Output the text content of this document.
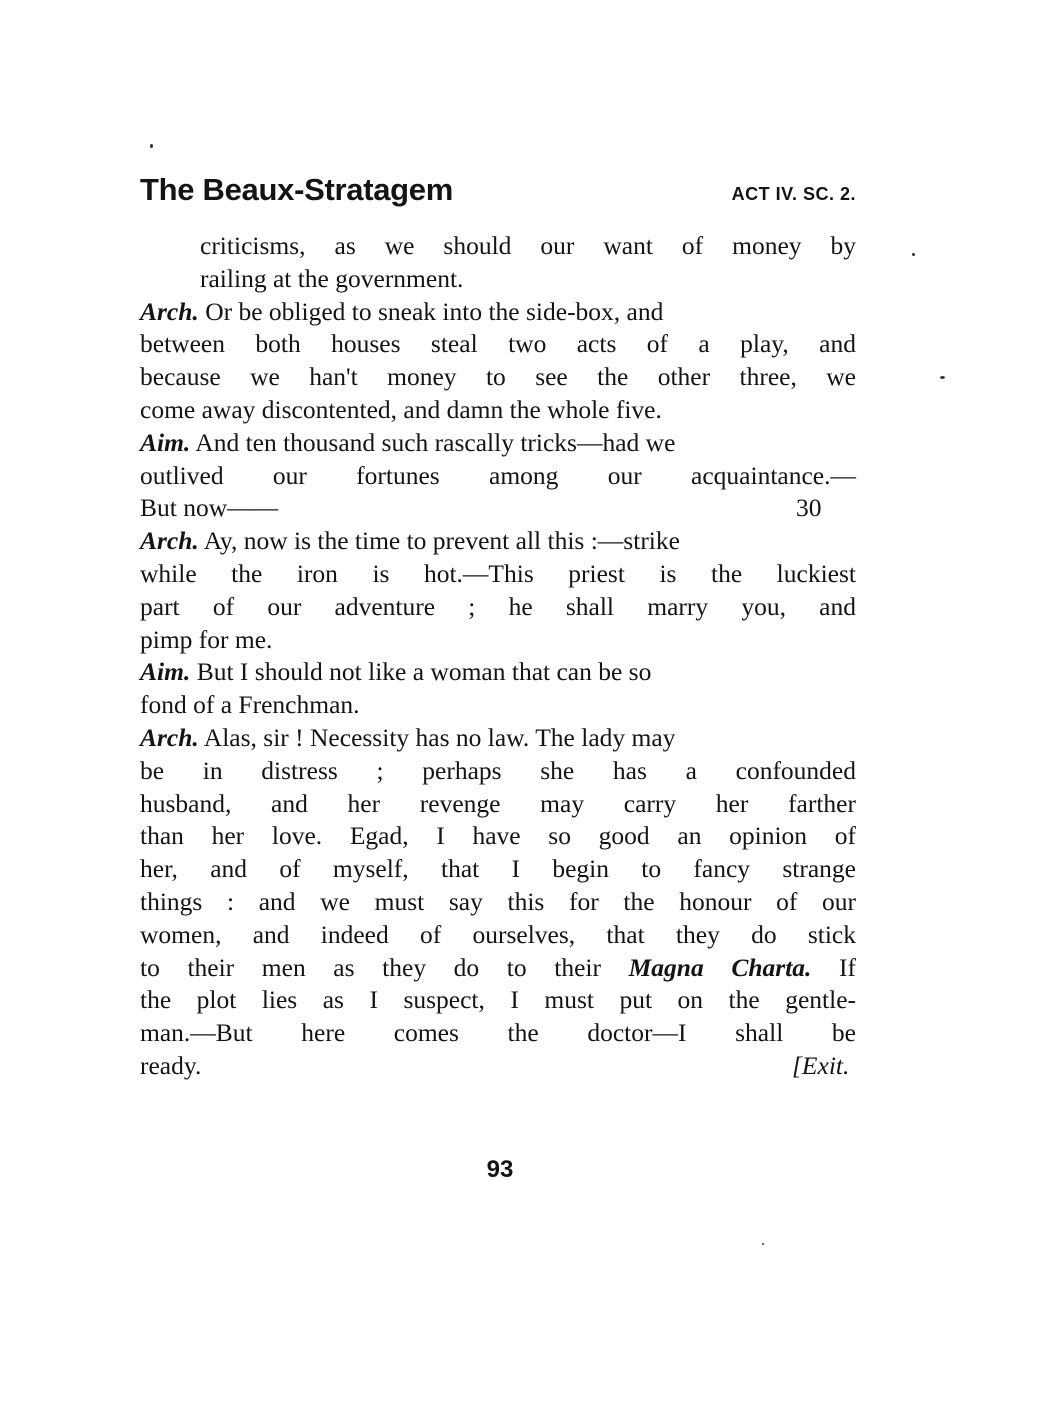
The Beaux-Stratagem	ACT IV. SC. 2.

criticisms, as we should our want of money by
railing at the government.

Arch. Or be obliged to sneak into the side-box, and

between both houses steal two acts of a play, and
because we han't money to see the other three, we
come away discontented, and damn the whole five.

Aim. And ten thousand such rascally tricks—had we

outlived our fortunes among our acquaintance.—
But now——	30

Arch. Ay, now is the time to prevent all this :—strike

while the iron is hot.—This priest is the luckiest
part of our adventure ; he shall marry you, and
pimp for me.

Aim. But I should not like a woman that can be so

fond of a Frenchman.

Arch. Alas, sir ! Necessity has no law. The lady may

be in distress ; perhaps she has a confounded
husband, and her revenge may carry her farther
than her love. Egad, I have so good an opinion of
her, and of myself, that I begin to fancy strange
things : and we must say this for the honour of our
women, and indeed of ourselves, that they do stick
to their men as they do to their Magna Charta. If
the plot lies as I suspect, I must put on the gentle-
man.—But here comes the doctor—I shall be
ready.	[Exit.

93
